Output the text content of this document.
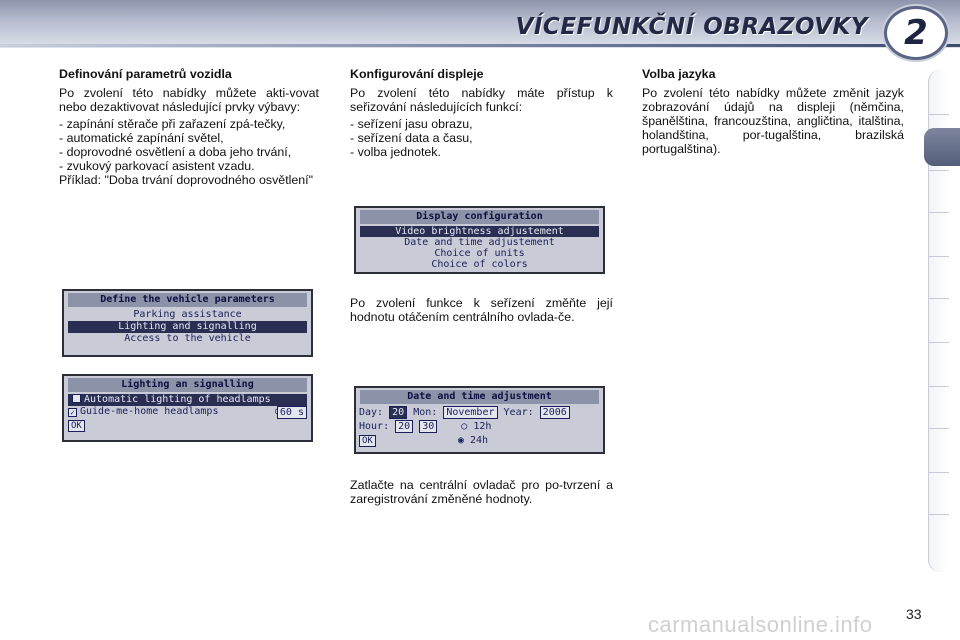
VÍCEFUNKČNÍ OBRAZOVKY	2
Definování parametrů vozidla

Po zvolení této nabídky můžete akti-vovat nebo dezaktivovat následující prvky výbavy:

- zapínání stěrače při zařazení zpá-tečky,
- automatické zapínání světel,
- doprovodné osvětlení a doba jeho trvání,
- zvukový parkovací asistent vzadu.

Příklad: "Doba trvání doprovodného osvětlení"

Konfigurování displeje

Po zvolení této nabídky máte přístup k seřizování následujících funkcí:

- seřízení jasu obrazu,
- seřízení data a času,
- volba jednotek.

Po zvolení funkce k seřízení změňte její hodnotu otáčením centrálního ovlada-če.

Zatlačte na centrální ovladač pro po-tvrzení a zaregistrování změněné hodnoty.

Volba jazyka

Po zvolení této nabídky můžete změnit jazyk zobrazování údajů na displeji (němčina, španělština, francouzština, angličtina, italština, holandština, por-tugalština, brazilská portugalština).

Define the vehicle parameters
Parking assistance
Lighting and signalling
Access to the vehicle
Lighting an signalling
Automatic lighting of headlamps
✓ Guide-me-home headlamps	60 s
OK
Display configuration
Video brightness adjustement
Date and time adjustement
Choice of units
Choice of colors
Date and time adjustment
Day: 20 Mon: November Year: 2006
Hour: 20 30	○ 12h
OK	◉ 24h
carmanualsonline.info 33
